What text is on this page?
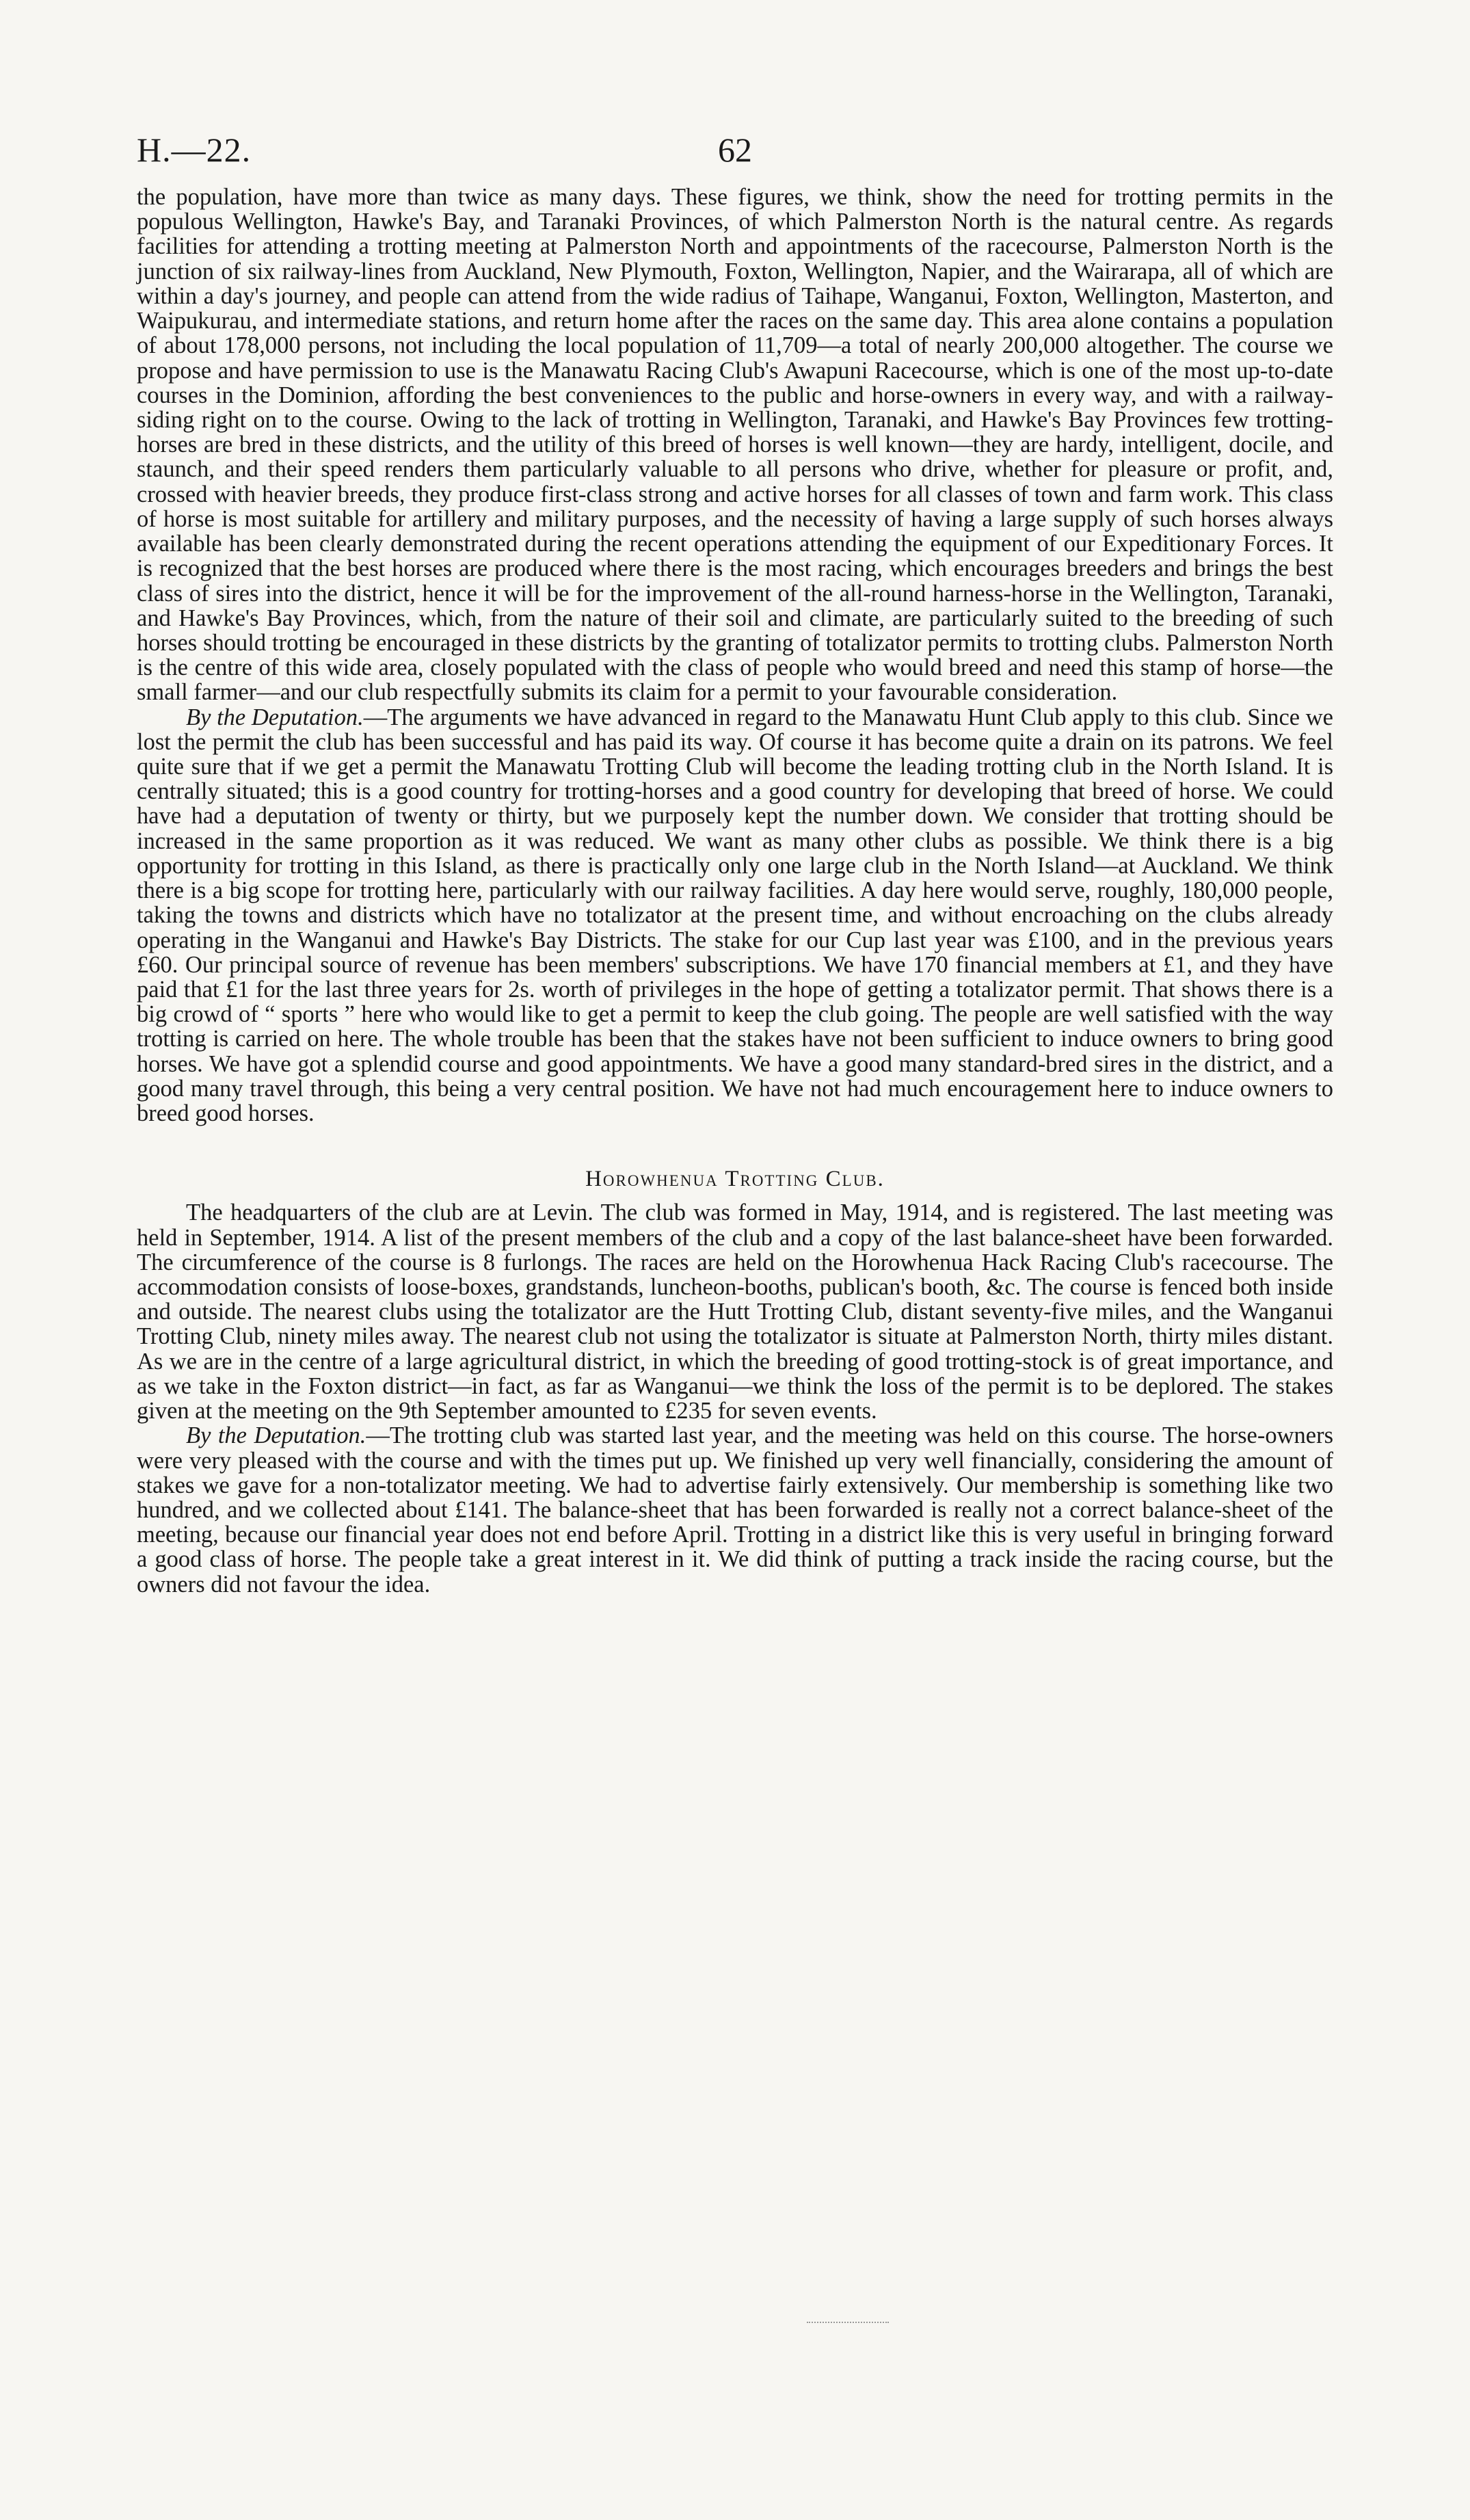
H.—22.	62

the population, have more than twice as many days. These figures, we think, show the need for trotting permits in the populous Wellington, Hawke's Bay, and Taranaki Provinces, of which Palmerston North is the natural centre. As regards facilities for attending a trotting meeting at Palmerston North and appointments of the racecourse, Palmerston North is the junction of six railway-lines from Auckland, New Plymouth, Foxton, Wellington, Napier, and the Wairarapa, all of which are within a day's journey, and people can attend from the wide radius of Taihape, Wanganui, Foxton, Wellington, Masterton, and Waipukurau, and intermediate stations, and return home after the races on the same day. This area alone contains a population of about 178,000 persons, not including the local population of 11,709—a total of nearly 200,000 altogether. The course we propose and have permission to use is the Manawatu Racing Club's Awapuni Racecourse, which is one of the most up-to-date courses in the Dominion, affording the best conveniences to the public and horse-owners in every way, and with a railway-siding right on to the course. Owing to the lack of trotting in Wellington, Taranaki, and Hawke's Bay Provinces few trotting-horses are bred in these districts, and the utility of this breed of horses is well known—they are hardy, intelligent, docile, and staunch, and their speed renders them particularly valuable to all persons who drive, whether for pleasure or profit, and, crossed with heavier breeds, they produce first-class strong and active horses for all classes of town and farm work. This class of horse is most suitable for artillery and military purposes, and the necessity of having a large supply of such horses always available has been clearly demonstrated during the recent operations attending the equipment of our Expeditionary Forces. It is recognized that the best horses are produced where there is the most racing, which encourages breeders and brings the best class of sires into the district, hence it will be for the improvement of the all-round harness-horse in the Wellington, Taranaki, and Hawke's Bay Provinces, which, from the nature of their soil and climate, are particularly suited to the breeding of such horses should trotting be encouraged in these districts by the granting of totalizator permits to trotting clubs. Palmerston North is the centre of this wide area, closely populated with the class of people who would breed and need this stamp of horse—the small farmer—and our club respectfully submits its claim for a permit to your favourable consideration.

By the Deputation.—The arguments we have advanced in regard to the Manawatu Hunt Club apply to this club. Since we lost the permit the club has been successful and has paid its way. Of course it has become quite a drain on its patrons. We feel quite sure that if we get a permit the Manawatu Trotting Club will become the leading trotting club in the North Island. It is centrally situated; this is a good country for trotting-horses and a good country for developing that breed of horse. We could have had a deputation of twenty or thirty, but we purposely kept the number down. We consider that trotting should be increased in the same proportion as it was reduced. We want as many other clubs as possible. We think there is a big opportunity for trotting in this Island, as there is practically only one large club in the North Island—at Auckland. We think there is a big scope for trotting here, particularly with our railway facilities. A day here would serve, roughly, 180,000 people, taking the towns and districts which have no totalizator at the present time, and without encroaching on the clubs already operating in the Wanganui and Hawke's Bay Districts. The stake for our Cup last year was £100, and in the previous years £60. Our principal source of revenue has been members' subscriptions. We have 170 financial members at £1, and they have paid that £1 for the last three years for 2s. worth of privileges in the hope of getting a totalizator permit. That shows there is a big crowd of “ sports ” here who would like to get a permit to keep the club going. The people are well satisfied with the way trotting is carried on here. The whole trouble has been that the stakes have not been sufficient to induce owners to bring good horses. We have got a splendid course and good appointments. We have a good many standard-bred sires in the district, and a good many travel through, this being a very central position. We have not had much encouragement here to induce owners to breed good horses.

Horowhenua Trotting Club.

The headquarters of the club are at Levin. The club was formed in May, 1914, and is registered. The last meeting was held in September, 1914. A list of the present members of the club and a copy of the last balance-sheet have been forwarded. The circumference of the course is 8 furlongs. The races are held on the Horowhenua Hack Racing Club's racecourse. The accommodation consists of loose-boxes, grandstands, luncheon-booths, publican's booth, &c. The course is fenced both inside and outside. The nearest clubs using the totalizator are the Hutt Trotting Club, distant seventy-five miles, and the Wanganui Trotting Club, ninety miles away. The nearest club not using the totalizator is situate at Palmerston North, thirty miles distant. As we are in the centre of a large agricultural district, in which the breeding of good trotting-stock is of great importance, and as we take in the Foxton district—in fact, as far as Wanganui—we think the loss of the permit is to be deplored. The stakes given at the meeting on the 9th September amounted to £235 for seven events.

By the Deputation.—The trotting club was started last year, and the meeting was held on this course. The horse-owners were very pleased with the course and with the times put up. We finished up very well financially, considering the amount of stakes we gave for a non-totalizator meeting. We had to advertise fairly extensively. Our membership is something like two hundred, and we collected about £141. The balance-sheet that has been forwarded is really not a correct balance-sheet of the meeting, because our financial year does not end before April. Trotting in a district like this is very useful in bringing forward a good class of horse. The people take a great interest in it. We did think of putting a track inside the racing course, but the owners did not favour the idea.
